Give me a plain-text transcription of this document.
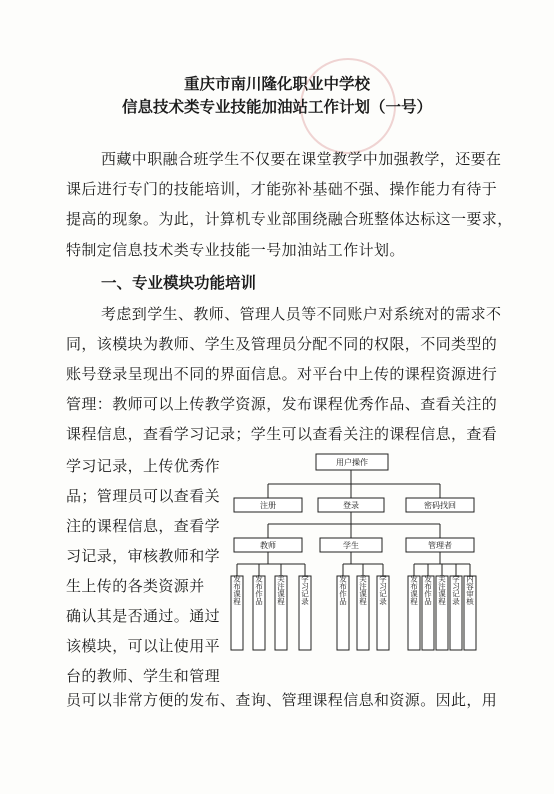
重庆市南川隆化职业中学校
信息技术类专业技能加油站工作计划（一号）
西藏中职融合班学生不仅要在课堂教学中加强教学，还要在
课后进行专门的技能培训，才能弥补基础不强、操作能力有待于
提高的现象。为此，计算机专业部围绕融合班整体达标这一要求，
特制定信息技术类专业技能一号加油站工作计划。
一、专业模块功能培训
考虑到学生、教师、管理人员等不同账户对系统对的需求不
同，该模块为教师、学生及管理员分配不同的权限，不同类型的
账号登录呈现出不同的界面信息。对平台中上传的课程资源进行
管理：教师可以上传教学资源，发布课程优秀作品、查看关注的
课程信息，查看学习记录；学生可以查看关注的课程信息，查看
学习记录，上传优秀作
品；管理员可以查看关
注的课程信息，查看学
习记录，审核教师和学
生上传的各类资源并
确认其是否通过。通过
该模块，可以让使用平
台的教师、学生和管理
员可以非常方便的发布、查询、管理课程信息和资源。因此，用
用户操作
注册	登录	密码找回
教师	学生	管理者
发布课程 发布作品 关注课程 学习记录	发布作品 关注课程 学习记录	发布课程 发布作品 关注课程 学习记录 内容审核
